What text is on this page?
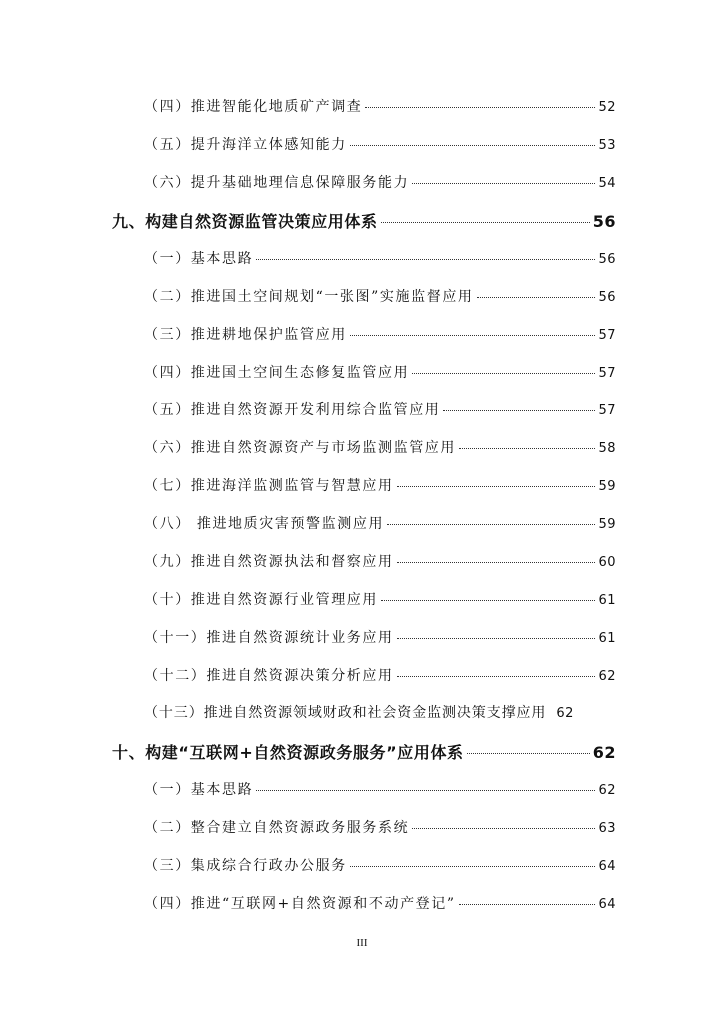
（四）推进智能化地质矿产调查	52
（五）提升海洋立体感知能力	53
（六）提升基础地理信息保障服务能力	54
九、构建自然资源监管决策应用体系	56
（一）基本思路	56
（二）推进国土空间规划“一张图”实施监督应用	56
（三）推进耕地保护监管应用	57
（四）推进国土空间生态修复监管应用	57
（五）推进自然资源开发利用综合监管应用	57
（六）推进自然资源资产与市场监测监管应用	58
（七）推进海洋监测监管与智慧应用	59
（八） 推进地质灾害预警监测应用	59
（九）推进自然资源执法和督察应用	60
（十）推进自然资源行业管理应用	61
（十一）推进自然资源统计业务应用	61
（十二）推进自然资源决策分析应用	62
（十三）推进自然资源领域财政和社会资金监测决策支撑应用 62
十、构建“互联网+自然资源政务服务”应用体系	62
（一）基本思路	62
（二）整合建立自然资源政务服务系统	63
（三）集成综合行政办公服务	64
（四）推进“互联网+自然资源和不动产登记”	64
III
